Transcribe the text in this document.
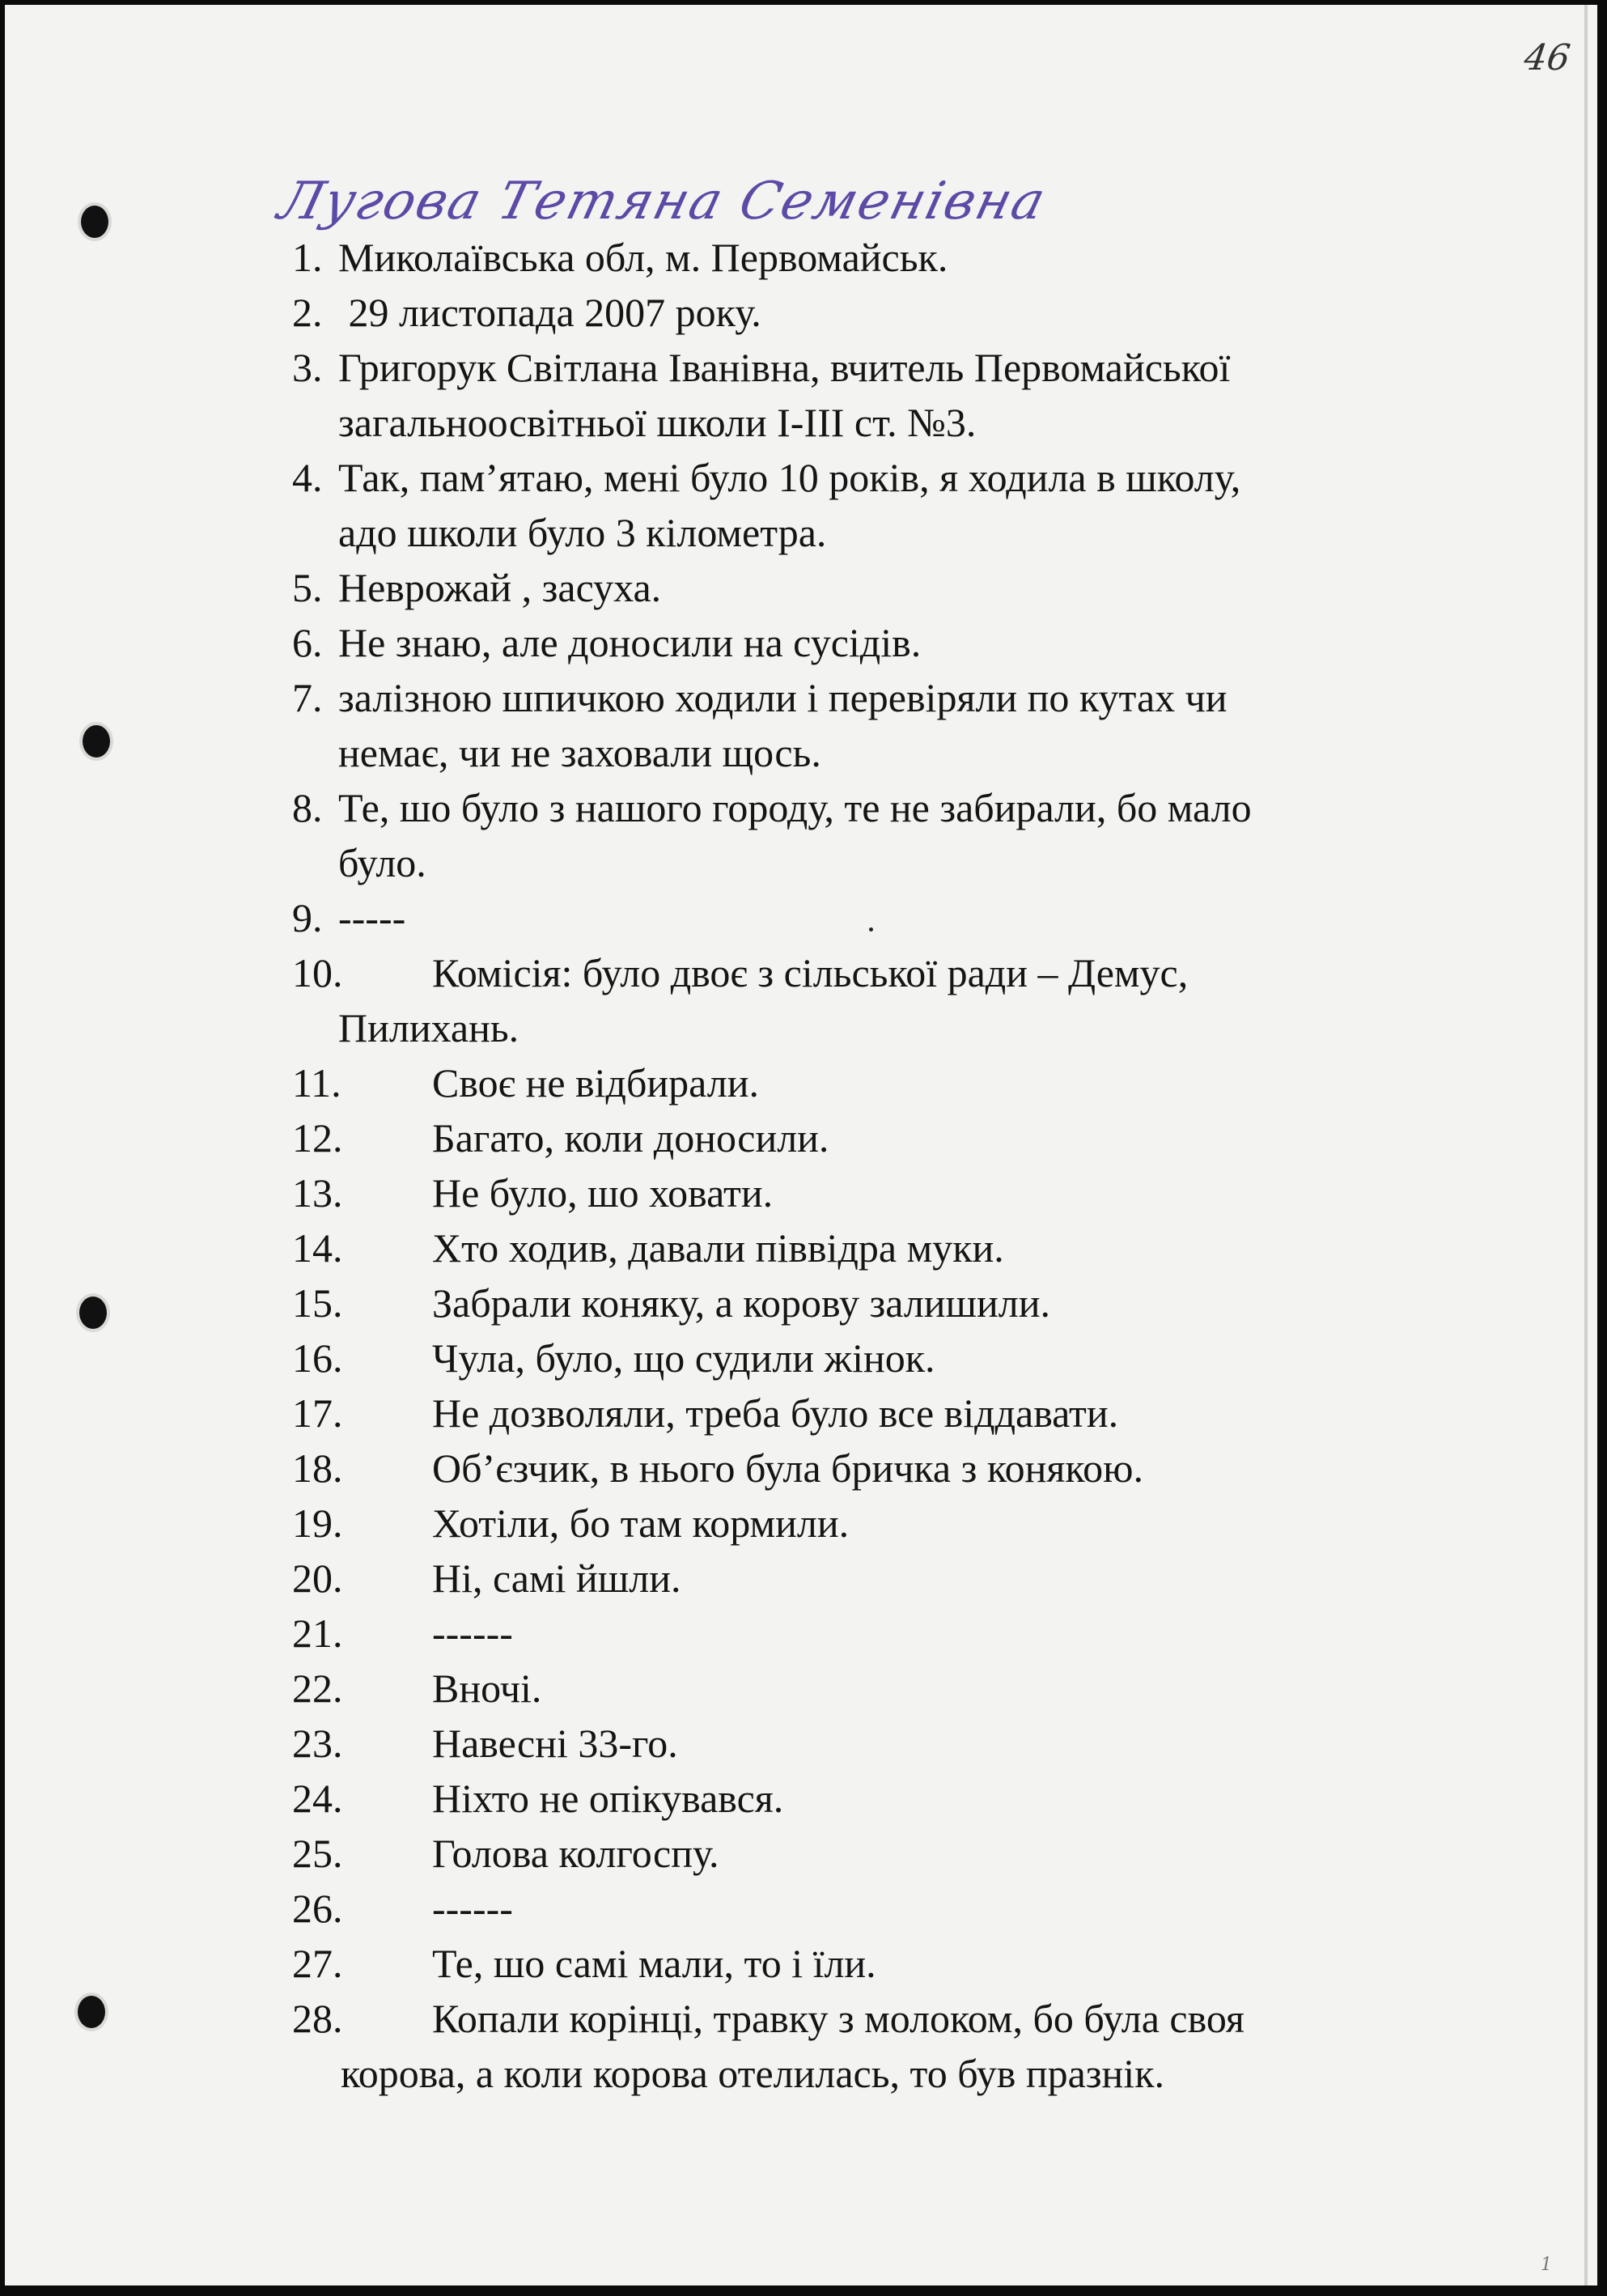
46
Лугова Тетяна Семенівна
1. Миколаївська обл, м. Первомайськ.
2. 29 листопада 2007 року.
3. Григорук Світлана Іванівна, вчитель Первомайської
загальноосвітньої школи І-ІІІ ст. №3.
4. Так, пам’ятаю, мені було 10 років, я ходила в школу,
адо школи було 3 кілометра.
5. Неврожай , засуха.
6. Не знаю, але доносили на сусідів.
7. залізною шпичкою ходили і перевіряли по кутах чи
немає, чи не заховали щось.
8. Те, шо було з нашого городу, те не забирали, бо мало
було.
9. -----
10.	Комісія: було двоє з сільської ради – Демус,
Пилихань.
11.	Своє не відбирали.
12.	Багато, коли доносили.
13.	Не було, шо ховати.
14.	Хто ходив, давали піввідра муки.
15.	Забрали коняку, а корову залишили.
16.	Чула, було, що судили жінок.
17.	Не дозволяли, треба було все віддавати.
18.	Об’єзчик, в нього була бричка з конякою.
19.	Хотіли, бо там кормили.
20.	Ні, самі йшли.
21.	------
22.	Вночі.
23.	Навесні 33-го.
24.	Ніхто не опікувався.
25.	Голова колгоспу.
26.	------
27.	Те, шо самі мали, то і їли.
28.	Копали корінці, травку з молоком, бо була своя
корова, а коли корова отелилась, то був празнік.
1
